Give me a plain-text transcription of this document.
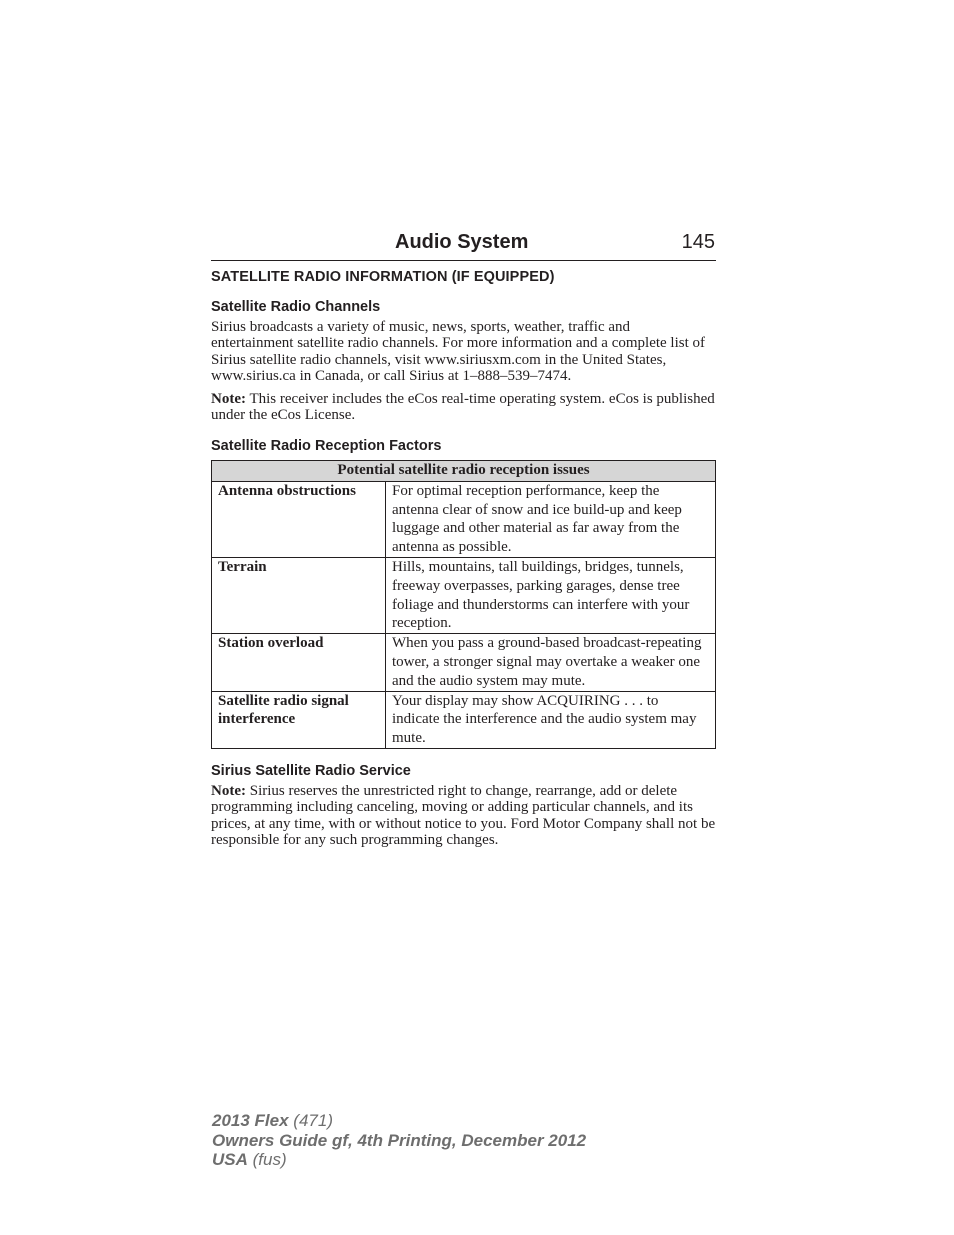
Audio System	145
SATELLITE RADIO INFORMATION (IF EQUIPPED)
Satellite Radio Channels

Sirius broadcasts a variety of music, news, sports, weather, traffic and entertainment satellite radio channels. For more information and a complete list of Sirius satellite radio channels, visit www.siriusxm.com in the United States, www.sirius.ca in Canada, or call Sirius at 1–888–539–7474.

Note: This receiver includes the eCos real-time operating system. eCos is published under the eCos License.

Satellite Radio Reception Factors
Potential satellite radio reception issues	
Antenna obstructions	For optimal reception performance, keep the antenna clear of snow and ice build-up and keep luggage and other material as far away from the antenna as possible.
Terrain	Hills, mountains, tall buildings, bridges, tunnels, freeway overpasses, parking garages, dense tree foliage and thunderstorms can interfere with your reception.
Station overload	When you pass a ground-based broadcast-repeating tower, a stronger signal may overtake a weaker one and the audio system may mute.
Satellite radio signal interference	Your display may show ACQUIRING . . . to indicate the interference and the audio system may mute.
Sirius Satellite Radio Service

Note: Sirius reserves the unrestricted right to change, rearrange, add or delete programming including canceling, moving or adding particular channels, and its prices, at any time, with or without notice to you. Ford Motor Company shall not be responsible for any such programming changes.

2013 Flex (471)
Owners Guide gf, 4th Printing, December 2012
USA (fus)
